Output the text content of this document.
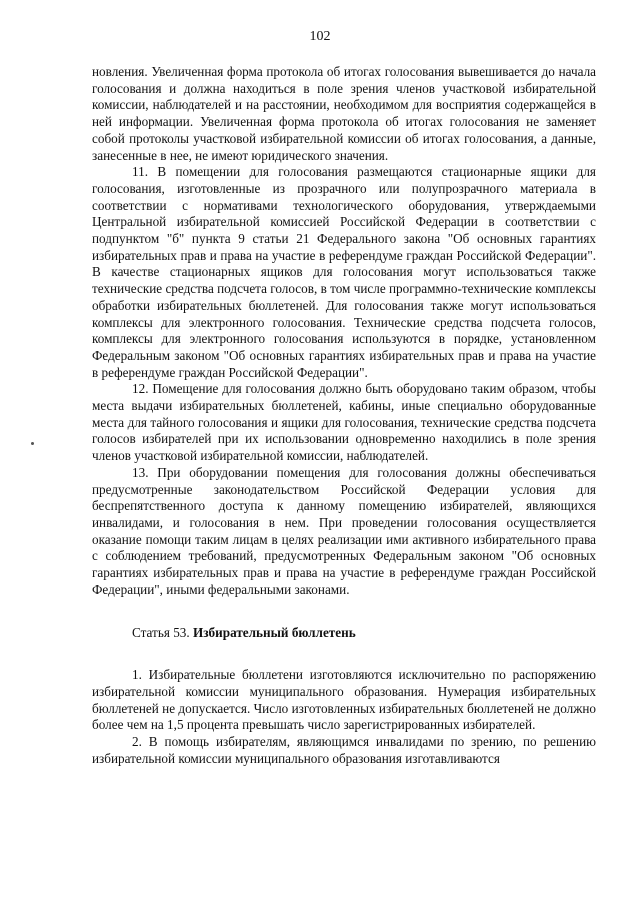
102

новления. Увеличенная форма протокола об итогах голосования вывешивается до начала голосования и должна находиться в поле зрения членов участковой избирательной комиссии, наблюдателей и на расстоянии, необходимом для восприятия содержащейся в ней информации. Увеличенная форма протокола об итогах голосования не заменяет собой протоколы участковой избирательной комиссии об итогах голосования, а данные, занесенные в нее, не имеют юридического значения.

11. В помещении для голосования размещаются стационарные ящики для голосования, изготовленные из прозрачного или полупрозрачного материала в соответствии с нормативами технологического оборудования, утверждаемыми Центральной избирательной комиссией Российской Федерации в соответствии с подпунктом "б" пункта 9 статьи 21 Федерального закона "Об основных гарантиях избирательных прав и права на участие в референдуме граждан Российской Федерации". В качестве стационарных ящиков для голосования могут использоваться также технические средства подсчета голосов, в том числе программно-технические комплексы обработки избирательных бюллетеней. Для голосования также могут использоваться комплексы для электронного голосования. Технические средства подсчета голосов, комплексы для электронного голосования используются в порядке, установленном Федеральным законом "Об основных гарантиях избирательных прав и права на участие в референдуме граждан Российской Федерации".

12. Помещение для голосования должно быть оборудовано таким образом, чтобы места выдачи избирательных бюллетеней, кабины, иные специально оборудованные места для тайного голосования и ящики для голосования, технические средства подсчета голосов избирателей при их использовании одновременно находились в поле зрения членов участковой избирательной комиссии, наблюдателей.

13. При оборудовании помещения для голосования должны обеспечиваться предусмотренные законодательством Российской Федерации условия для беспрепятственного доступа к данному помещению избирателей, являющихся инвалидами, и голосования в нем. При проведении голосования осуществляется оказание помощи таким лицам в целях реализации ими активного избирательного права с соблюдением требований, предусмотренных Федеральным законом "Об основных гарантиях избирательных прав и права на участие в референдуме граждан Российской Федерации", иными федеральными законами.

Статья 53. Избирательный бюллетень

1. Избирательные бюллетени изготовляются исключительно по распоряжению избирательной комиссии муниципального образования. Нумерация избирательных бюллетеней не допускается. Число изготовленных избирательных бюллетеней не должно более чем на 1,5 процента превышать число зарегистрированных избирателей.

2. В помощь избирателям, являющимся инвалидами по зрению, по решению избирательной комиссии муниципального образования изготавливаются
